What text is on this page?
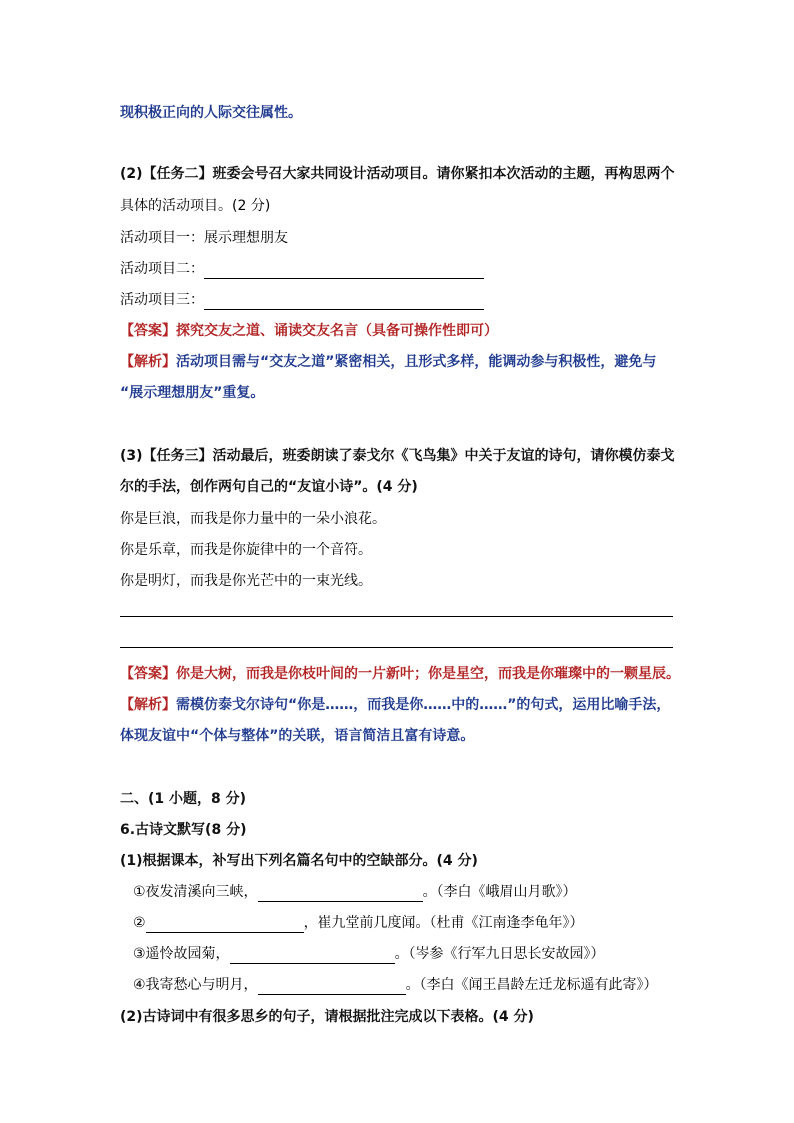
现积极正向的人际交往属性。
(2)【任务二】班委会号召大家共同设计活动项目。请你紧扣本次活动的主题，再构思两个
具体的活动项目。(2 分)
活动项目一：展示理想朋友
活动项目二：
活动项目三：
【答案】探究交友之道、诵读交友名言（具备可操作性即可）
【解析】活动项目需与“交友之道”紧密相关，且形式多样，能调动参与积极性，避免与
“展示理想朋友”重复。
(3)【任务三】活动最后，班委朗读了泰戈尔《飞鸟集》中关于友谊的诗句，请你模仿泰戈
尔的手法，创作两句自己的“友谊小诗”。(4 分)
你是巨浪，而我是你力量中的一朵小浪花。
你是乐章，而我是你旋律中的一个音符。
你是明灯，而我是你光芒中的一束光线。
【答案】你是大树，而我是你枝叶间的一片新叶；你是星空，而我是你璀璨中的一颗星辰。
【解析】需模仿泰戈尔诗句“你是……，而我是你……中的……”的句式，运用比喻手法，
体现友谊中“个体与整体”的关联，语言简洁且富有诗意。
二、(1 小题，8 分)
6.古诗文默写(8 分)
(1)根据课本，补写出下列名篇名句中的空缺部分。(4 分)
①夜发清溪向三峡，	。（李白《峨眉山月歌》）
②	，崔九堂前几度闻。（杜甫《江南逢李龟年》）
③遥怜故园菊，	。（岑参《行军九日思长安故园》）
④我寄愁心与明月，	。（李白《闻王昌龄左迁龙标遥有此寄》）
(2)古诗词中有很多思乡的句子，请根据批注完成以下表格。(4 分)
